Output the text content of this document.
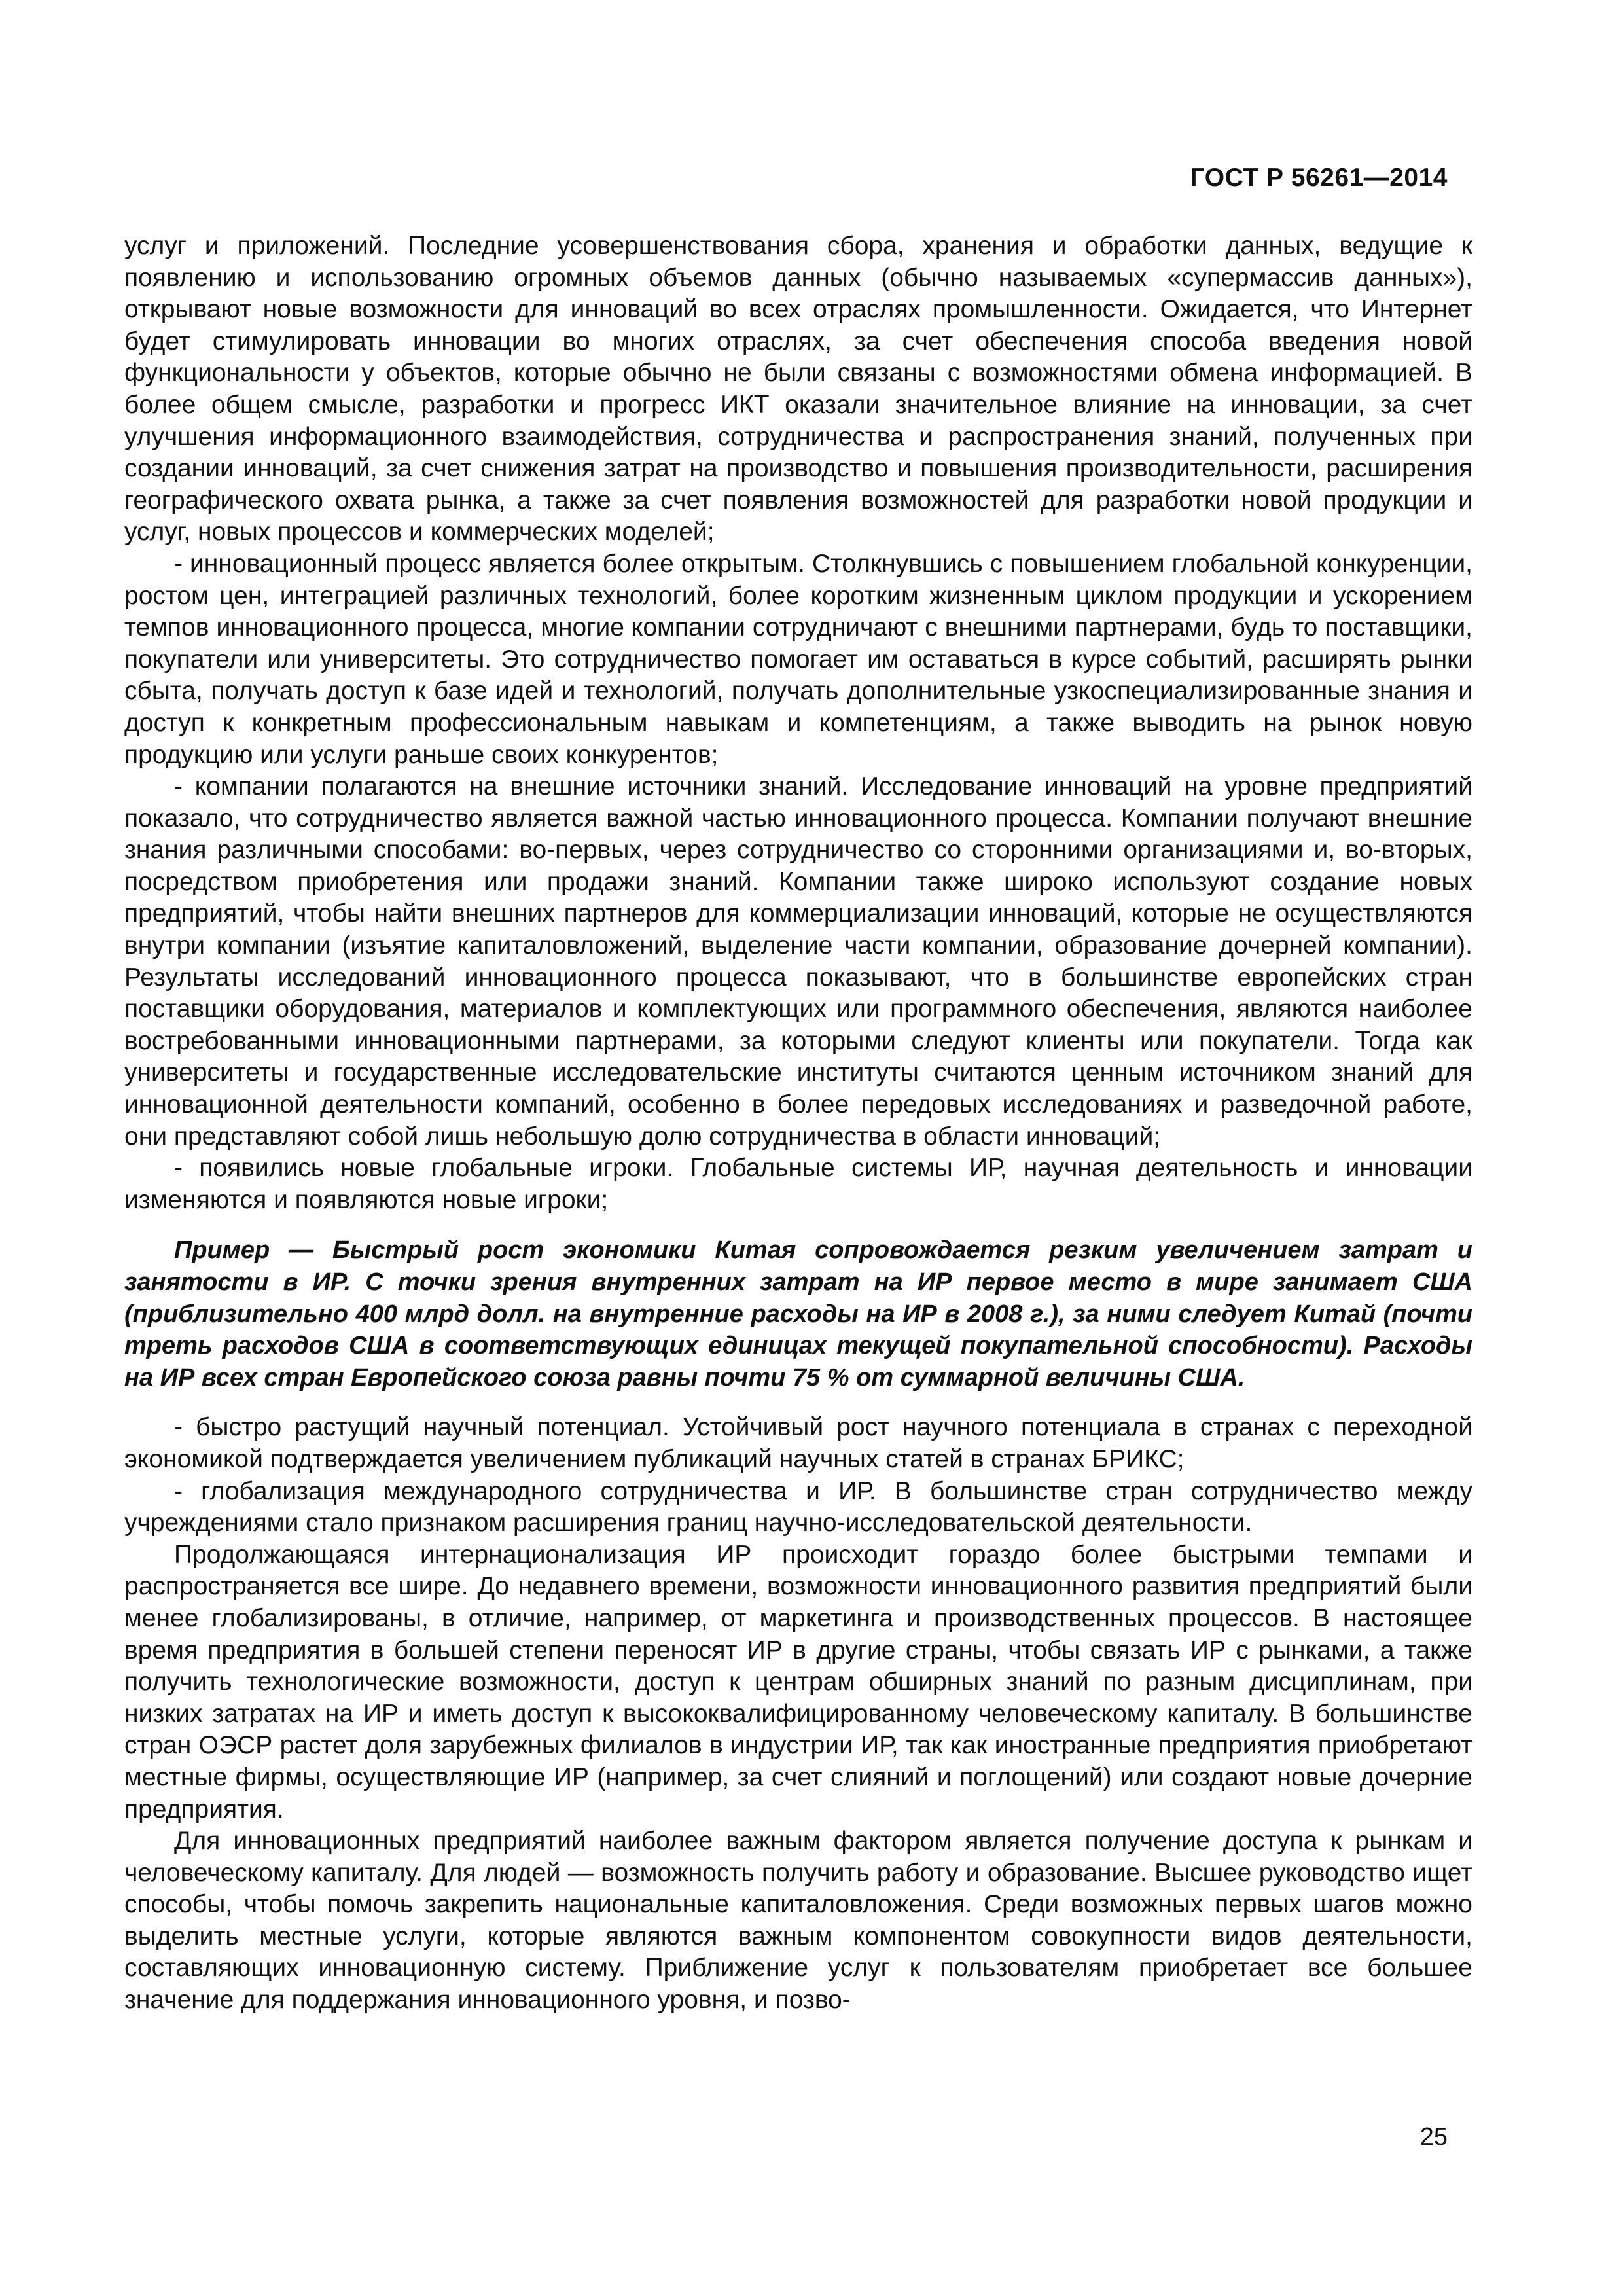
ГОСТ Р 56261—2014

услуг и приложений. Последние усовершенствования сбора, хранения и обработки данных, ведущие к появлению и использованию огромных объемов данных (обычно называемых «супермассив данных»), открывают новые возможности для инноваций во всех отраслях промышленности. Ожидается, что Интернет будет стимулировать инновации во многих отраслях, за счет обеспечения способа введения новой функциональности у объектов, которые обычно не были связаны с возможностями обмена информацией. В более общем смысле, разработки и прогресс ИКТ оказали значительное влияние на инновации, за счет улучшения информационного взаимодействия, сотрудничества и распространения знаний, полученных при создании инноваций, за счет снижения затрат на производство и повышения производительности, расширения географического охвата рынка, а также за счет появления возможностей для разработки новой продукции и услуг, новых процессов и коммерческих моделей;

- инновационный процесс является более открытым. Столкнувшись с повышением глобальной конкуренции, ростом цен, интеграцией различных технологий, более коротким жизненным циклом продукции и ускорением темпов инновационного процесса, многие компании сотрудничают с внешними партнерами, будь то поставщики, покупатели или университеты. Это сотрудничество помогает им оставаться в курсе событий, расширять рынки сбыта, получать доступ к базе идей и технологий, получать дополнительные узкоспециализированные знания и доступ к конкретным профессиональным навыкам и компетенциям, а также выводить на рынок новую продукцию или услуги раньше своих конкурентов;

- компании полагаются на внешние источники знаний. Исследование инноваций на уровне предприятий показало, что сотрудничество является важной частью инновационного процесса. Компании получают внешние знания различными способами: во-первых, через сотрудничество со сторонними организациями и, во-вторых, посредством приобретения или продажи знаний. Компании также широко используют создание новых предприятий, чтобы найти внешних партнеров для коммерциализации инноваций, которые не осуществляются внутри компании (изъятие капиталовложений, выделение части компании, образование дочерней компании). Результаты исследований инновационного процесса показывают, что в большинстве европейских стран поставщики оборудования, материалов и комплектующих или программного обеспечения, являются наиболее востребованными инновационными партнерами, за которыми следуют клиенты или покупатели. Тогда как университеты и государственные исследовательские институты считаются ценным источником знаний для инновационной деятельности компаний, особенно в более передовых исследованиях и разведочной работе, они представляют собой лишь небольшую долю сотрудничества в области инноваций;

- появились новые глобальные игроки. Глобальные системы ИР, научная деятельность и инновации изменяются и появляются новые игроки;

Пример — Быстрый рост экономики Китая сопровождается резким увеличением затрат и занятости в ИР. С точки зрения внутренних затрат на ИР первое место в мире занимает США (приблизительно 400 млрд долл. на внутренние расходы на ИР в 2008 г.), за ними следует Китай (почти треть расходов США в соответствующих единицах текущей покупательной способности). Расходы на ИР всех стран Европейского союза равны почти 75 % от суммарной величины США.

- быстро растущий научный потенциал. Устойчивый рост научного потенциала в странах с переходной экономикой подтверждается увеличением публикаций научных статей в странах БРИКС;

- глобализация международного сотрудничества и ИР. В большинстве стран сотрудничество между учреждениями стало признаком расширения границ научно-исследовательской деятельности.

Продолжающаяся интернационализация ИР происходит гораздо более быстрыми темпами и распространяется все шире. До недавнего времени, возможности инновационного развития предприятий были менее глобализированы, в отличие, например, от маркетинга и производственных процессов. В настоящее время предприятия в большей степени переносят ИР в другие страны, чтобы связать ИР с рынками, а также получить технологические возможности, доступ к центрам обширных знаний по разным дисциплинам, при низких затратах на ИР и иметь доступ к высококвалифицированному человеческому капиталу. В большинстве стран ОЭСР растет доля зарубежных филиалов в индустрии ИР, так как иностранные предприятия приобретают местные фирмы, осуществляющие ИР (например, за счет слияний и поглощений) или создают новые дочерние предприятия.

Для инновационных предприятий наиболее важным фактором является получение доступа к рынкам и человеческому капиталу. Для людей — возможность получить работу и образование. Высшее руководство ищет способы, чтобы помочь закрепить национальные капиталовложения. Среди возможных первых шагов можно выделить местные услуги, которые являются важным компонентом совокупности видов деятельности, составляющих инновационную систему. Приближение услуг к пользователям приобретает все большее значение для поддержания инновационного уровня, и позво-

25
